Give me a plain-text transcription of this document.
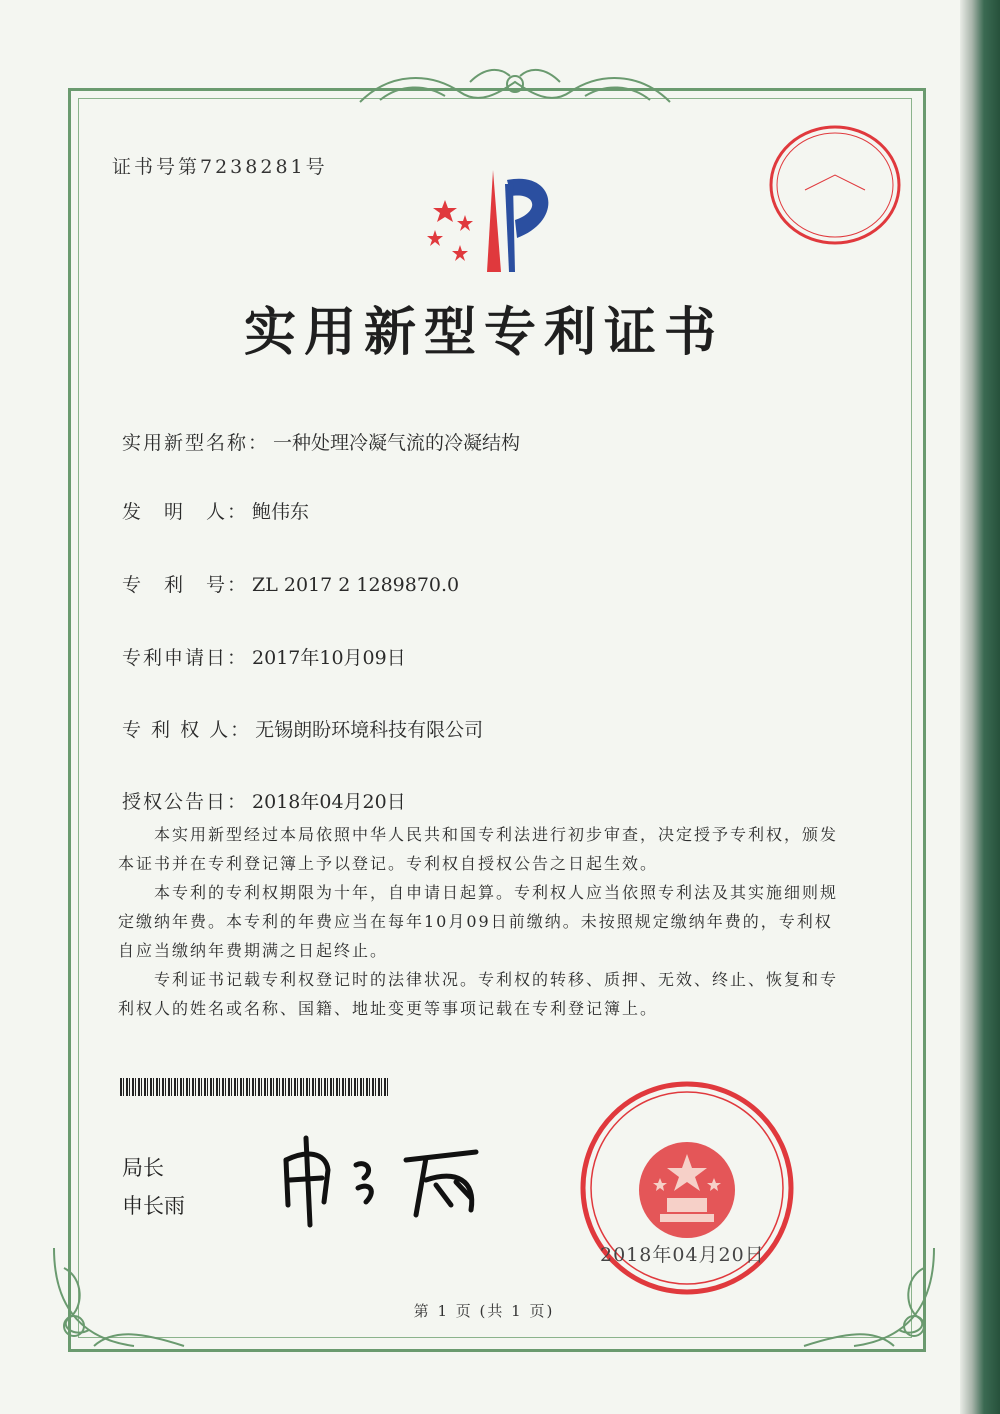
证书号第7238281号
实用新型专利证书
实用新型名称： 一种处理冷凝气流的冷凝结构
发　明　人： 鲍伟东
专　利　号： ZL 2017 2 1289870.0
专利申请日： 2017年10月09日
专 利 权 人： 无锡朗盼环境科技有限公司
授权公告日： 2018年04月20日

本实用新型经过本局依照中华人民共和国专利法进行初步审查，决定授予专利权，颁发本证书并在专利登记簿上予以登记。专利权自授权公告之日起生效。

本专利的专利权期限为十年，自申请日起算。专利权人应当依照专利法及其实施细则规定缴纳年费。本专利的年费应当在每年10月09日前缴纳。未按照规定缴纳年费的，专利权自应当缴纳年费期满之日起终止。

专利证书记载专利权登记时的法律状况。专利权的转移、质押、无效、终止、恢复和专利权人的姓名或名称、国籍、地址变更等事项记载在专利登记簿上。

局长
申长雨
2018年04月20日
第 1 页 (共 1 页)
